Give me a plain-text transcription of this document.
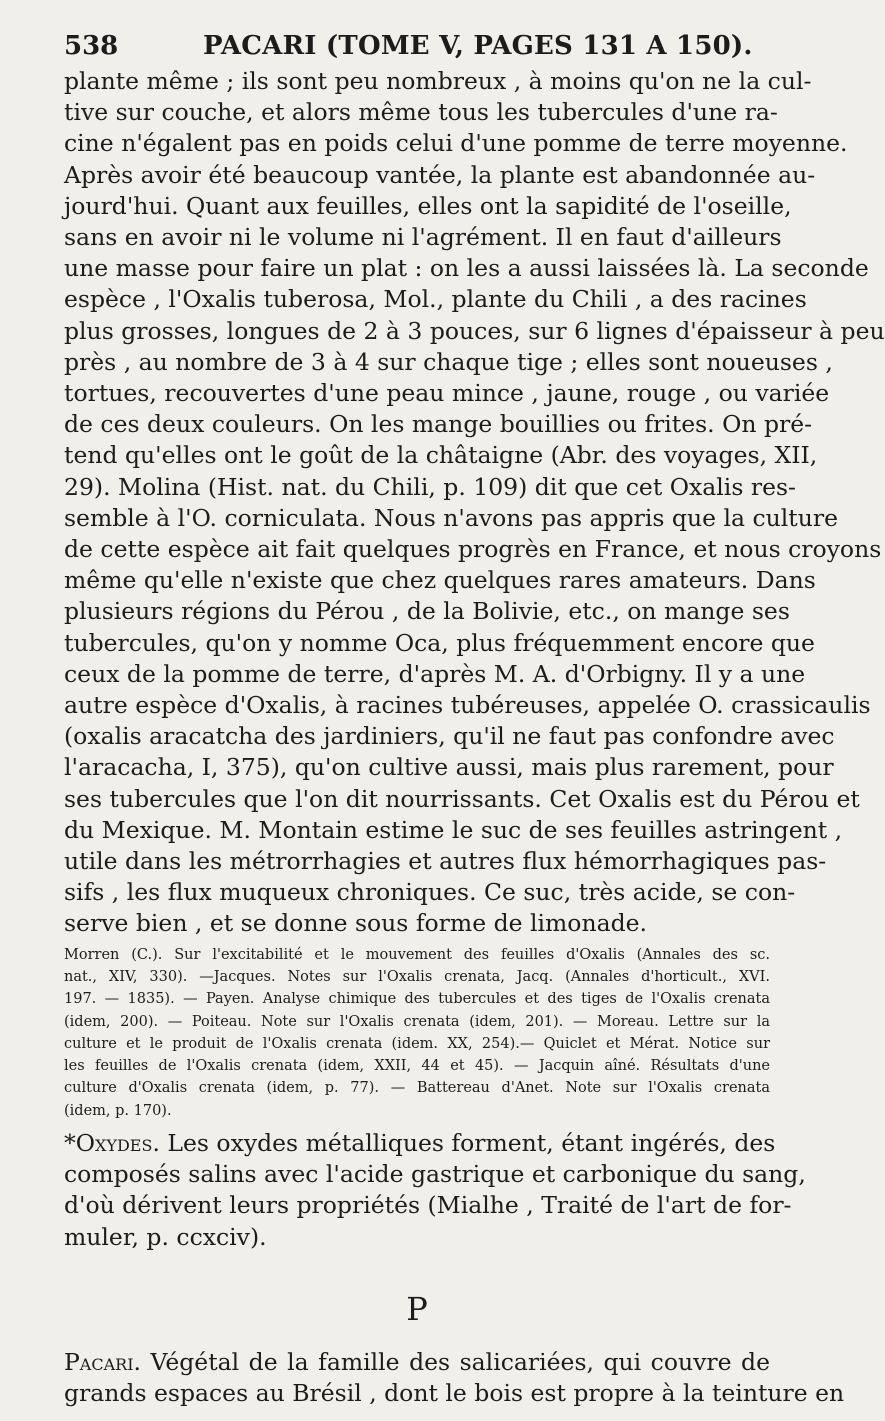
538	PACARI (TOME V, PAGES 131 A 150).
plante même ; ils sont peu nombreux , à moins qu'on ne la cul-
tive sur couche, et alors même tous les tubercules d'une ra-
cine n'égalent pas en poids celui d'une pomme de terre moyenne.
Après avoir été beaucoup vantée, la plante est abandonnée au-
jourd'hui. Quant aux feuilles, elles ont la sapidité de l'oseille,
sans en avoir ni le volume ni l'agrément. Il en faut d'ailleurs
une masse pour faire un plat : on les a aussi laissées là. La seconde
espèce , l'Oxalis tuberosa, Mol., plante du Chili , a des racines
plus grosses, longues de 2 à 3 pouces, sur 6 lignes d'épaisseur à peu
près , au nombre de 3 à 4 sur chaque tige ; elles sont noueuses ,
tortues, recouvertes d'une peau mince , jaune, rouge , ou variée
de ces deux couleurs. On les mange bouillies ou frites. On pré-
tend qu'elles ont le goût de la châtaigne (Abr. des voyages, XII,
29). Molina (Hist. nat. du Chili, p. 109) dit que cet Oxalis res-
semble à l'O. corniculata. Nous n'avons pas appris que la culture
de cette espèce ait fait quelques progrès en France, et nous croyons
même qu'elle n'existe que chez quelques rares amateurs. Dans
plusieurs régions du Pérou , de la Bolivie, etc., on mange ses
tubercules, qu'on y nomme Oca, plus fréquemment encore que
ceux de la pomme de terre, d'après M. A. d'Orbigny. Il y a une
autre espèce d'Oxalis, à racines tubéreuses, appelée O. crassicaulis
(oxalis aracatcha des jardiniers, qu'il ne faut pas confondre avec
l'aracacha, I, 375), qu'on cultive aussi, mais plus rarement, pour
ses tubercules que l'on dit nourrissants. Cet Oxalis est du Pérou et
du Mexique. M. Montain estime le suc de ses feuilles astringent ,
utile dans les métrorrhagies et autres flux hémorrhagiques pas-
sifs , les flux muqueux chroniques. Ce suc, très acide, se con-
serve bien , et se donne sous forme de limonade.
Morren (C.). Sur l'excitabilité et le mouvement des feuilles d'Oxalis (Annales des sc.
nat., XIV, 330). —Jacques. Notes sur l'Oxalis crenata, Jacq. (Annales d'horticult., XVI.
197. — 1835). — Payen. Analyse chimique des tubercules et des tiges de l'Oxalis crenata
(idem, 200). — Poiteau. Note sur l'Oxalis crenata (idem, 201). — Moreau. Lettre sur la
culture et le produit de l'Oxalis crenata (idem. XX, 254).— Quiclet et Mérat. Notice sur
les feuilles de l'Oxalis crenata (idem, XXII, 44 et 45). — Jacquin aîné. Résultats d'une
culture d'Oxalis crenata (idem, p. 77). — Battereau d'Anet. Note sur l'Oxalis crenata
(idem, p. 170).
*Oxydes. Les oxydes métalliques forment, étant ingérés, des
composés salins avec l'acide gastrique et carbonique du sang,
d'où dérivent leurs propriétés (Mialhe , Traité de l'art de for-
muler, p. ccxciv).
P
Pacari. Végétal de la famille des salicariées, qui couvre de
grands espaces au Brésil , dont le bois est propre à la teinture en
